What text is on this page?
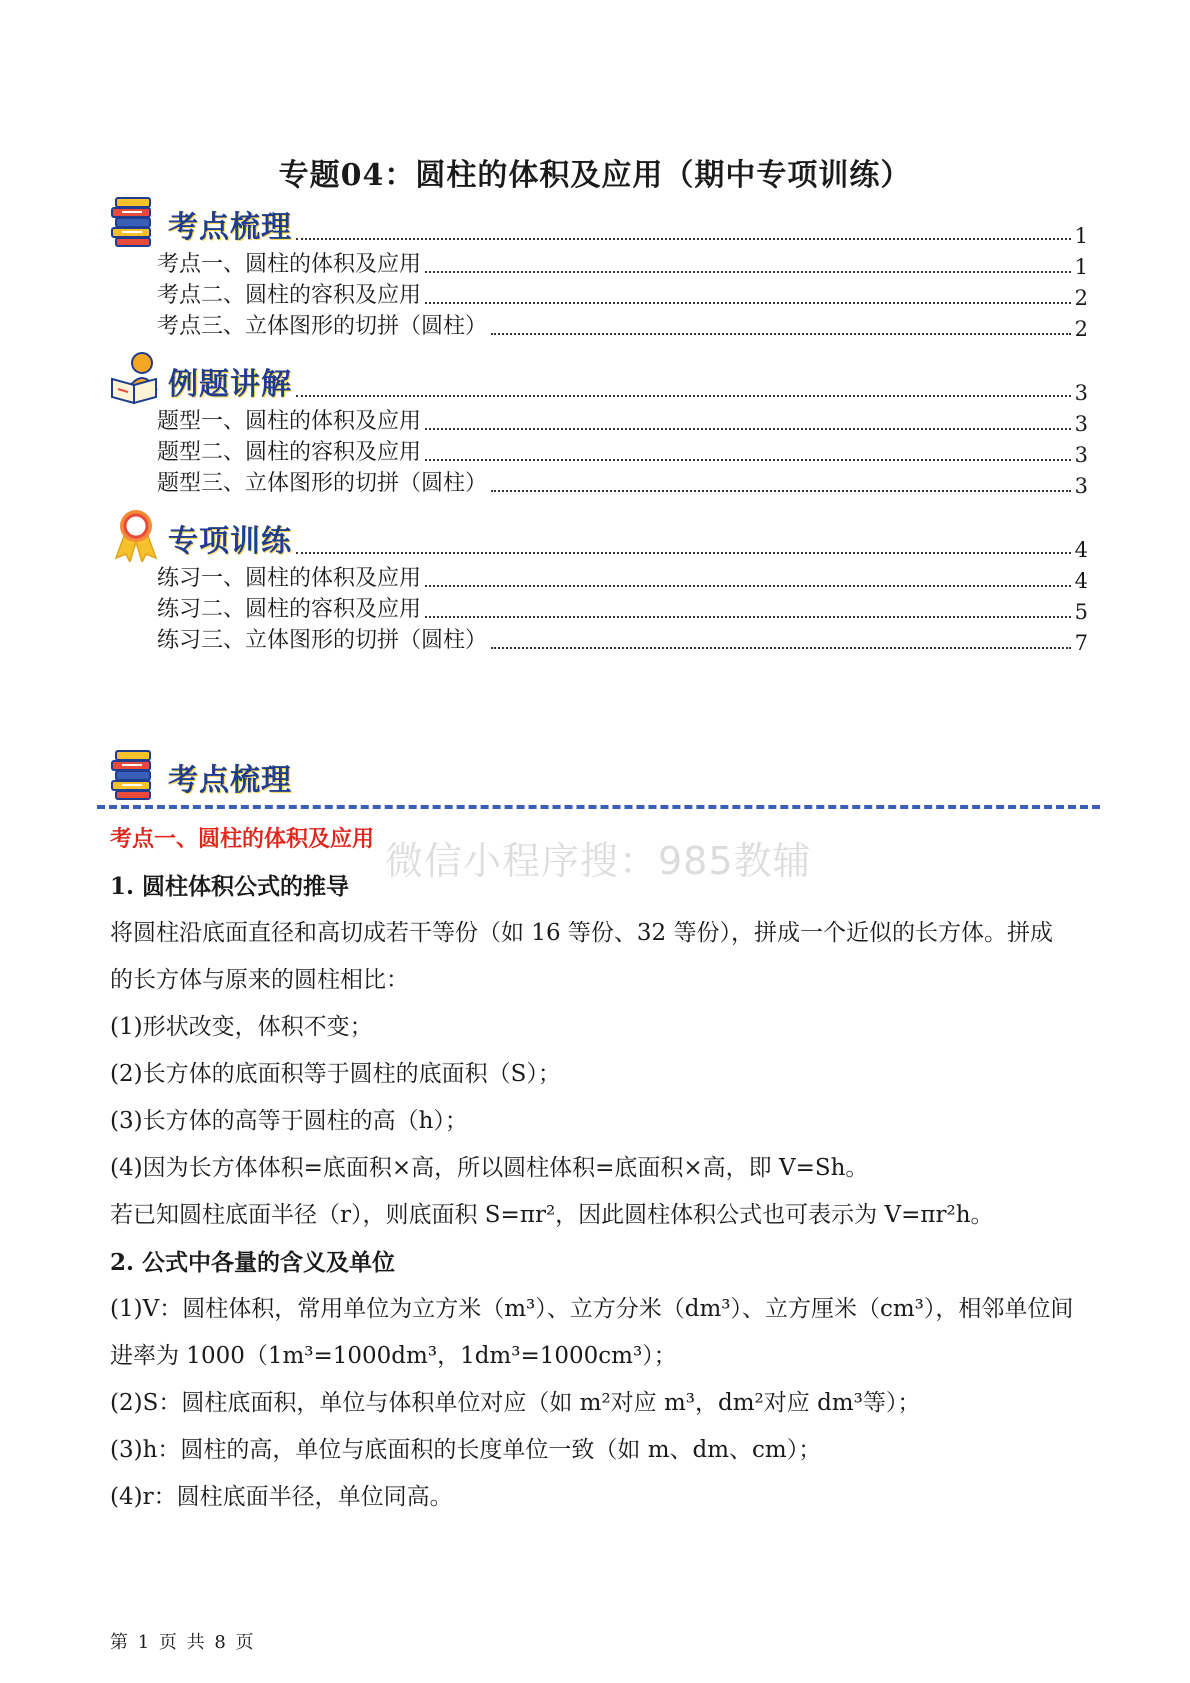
专题04：圆柱的体积及应用（期中专项训练）
考点梳理	1
考点一、圆柱的体积及应用	1
考点二、圆柱的容积及应用	2
考点三、立体图形的切拼（圆柱）	2
例题讲解	3
题型一、圆柱的体积及应用	3
题型二、圆柱的容积及应用	3
题型三、立体图形的切拼（圆柱）	3
专项训练	4
练习一、圆柱的体积及应用	4
练习二、圆柱的容积及应用	5
练习三、立体图形的切拼（圆柱）	7
考点梳理
考点一、圆柱的体积及应用 微信小程序搜：985教辅

1. 圆柱体积公式的推导

将圆柱沿底面直径和高切成若干等份（如 16 等份、32 等份），拼成一个近似的长方体。拼成

的长方体与原来的圆柱相比：

(1)形状改变，体积不变；

(2)长方体的底面积等于圆柱的底面积（S）；

(3)长方体的高等于圆柱的高（h）；

(4)因为长方体体积=底面积×高，所以圆柱体积=底面积×高，即 V=Sh。

若已知圆柱底面半径（r），则底面积 S=πr²，因此圆柱体积公式也可表示为 V=πr²h。

2. 公式中各量的含义及单位

(1)V：圆柱体积，常用单位为立方米（m³）、立方分米（dm³）、立方厘米（cm³），相邻单位间

进率为 1000（1m³=1000dm³，1dm³=1000cm³）；

(2)S：圆柱底面积，单位与体积单位对应（如 m²对应 m³，dm²对应 dm³等）；

(3)h：圆柱的高，单位与底面积的长度单位一致（如 m、dm、cm）；

(4)r：圆柱底面半径，单位同高。

第 1 页 共 8 页
